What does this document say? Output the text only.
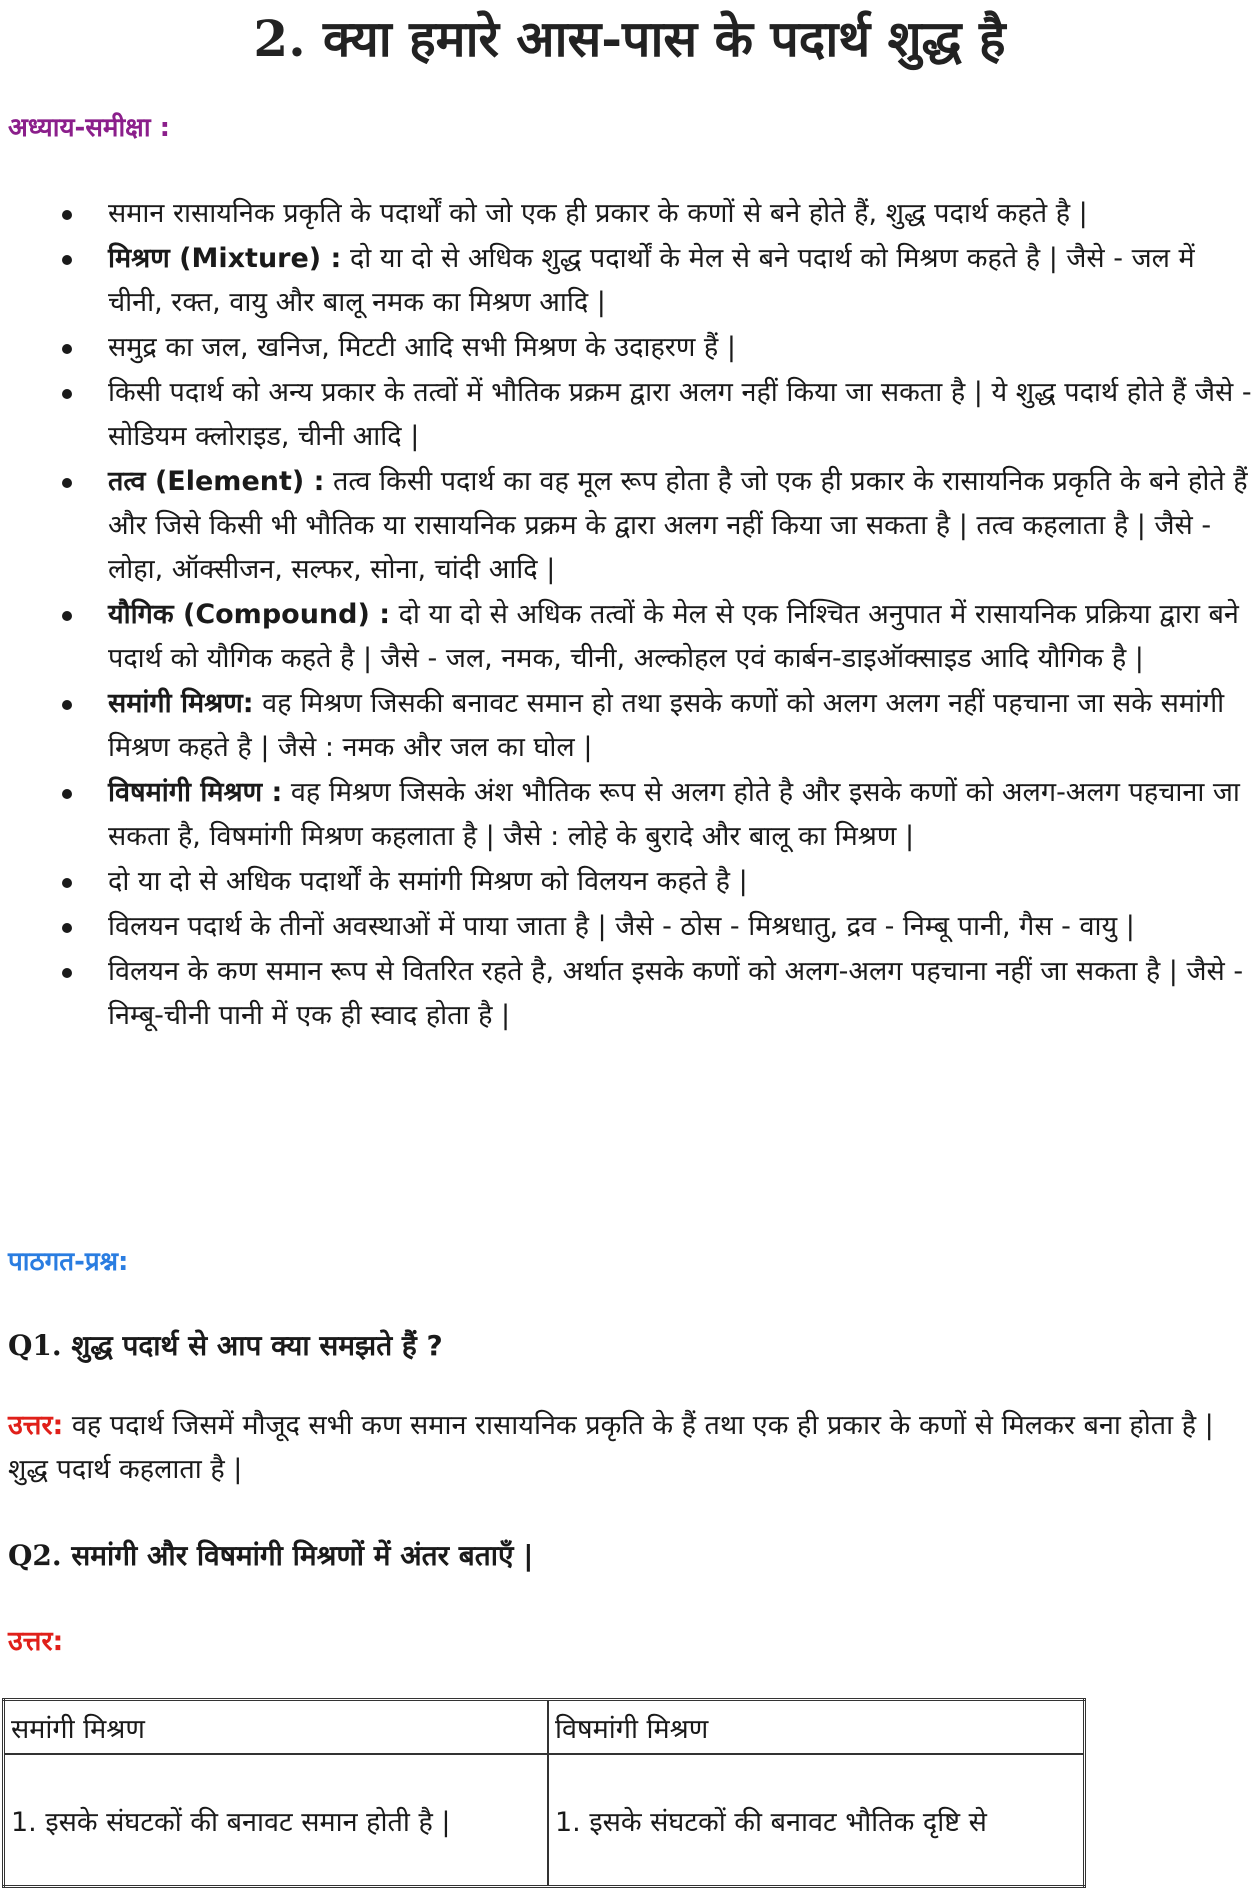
2. क्या हमारे आस-पास के पदार्थ शुद्ध है
अध्याय-समीक्षा :
समान रासायनिक प्रकृति के पदार्थों को जो एक ही प्रकार के कणों से बने होते हैं, शुद्ध पदार्थ कहते है |
मिश्रण (Mixture) : दो या दो से अधिक शुद्ध पदार्थों के मेल से बने पदार्थ को मिश्रण कहते है | जैसे - जल में चीनी, रक्त, वायु और बालू नमक का मिश्रण आदि |
समुद्र का जल, खनिज, मिटटी आदि सभी मिश्रण के उदाहरण हैं |
किसी पदार्थ को अन्य प्रकार के तत्वों में भौतिक प्रक्रम द्वारा अलग नहीं किया जा सकता है | ये शुद्ध पदार्थ होते हैं जैसे - सोडियम क्लोराइड, चीनी आदि |
तत्व (Element) : तत्व किसी पदार्थ का वह मूल रूप होता है जो एक ही प्रकार के रासायनिक प्रकृति के बने होते हैं और जिसे किसी भी भौतिक या रासायनिक प्रक्रम के द्वारा अलग नहीं किया जा सकता है | तत्व कहलाता है | जैसे - लोहा, ऑक्सीजन, सल्फर, सोना, चांदी आदि |
यौगिक (Compound) : दो या दो से अधिक तत्वों के मेल से एक निश्चित अनुपात में रासायनिक प्रक्रिया द्वारा बने पदार्थ को यौगिक कहते है | जैसे - जल, नमक, चीनी, अल्कोहल एवं कार्बन-डाइऑक्साइड आदि यौगिक है |
समांगी मिश्रण: वह मिश्रण जिसकी बनावट समान हो तथा इसके कणों को अलग अलग नहीं पहचाना जा सके समांगी मिश्रण कहते है | जैसे : नमक और जल का घोल |
विषमांगी मिश्रण : वह मिश्रण जिसके अंश भौतिक रूप से अलग होते है और इसके कणों को अलग-अलग पहचाना जा सकता है, विषमांगी मिश्रण कहलाता है | जैसे : लोहे के बुरादे और बालू का मिश्रण |
दो या दो से अधिक पदार्थों के समांगी मिश्रण को विलयन कहते है |
विलयन पदार्थ के तीनों अवस्थाओं में पाया जाता है | जैसे - ठोस - मिश्रधातु, द्रव - निम्बू पानी, गैस - वायु |
विलयन के कण समान रूप से वितरित रहते है, अर्थात इसके कणों को अलग-अलग पहचाना नहीं जा सकता है | जैसे - निम्बू-चीनी पानी में एक ही स्वाद होता है |
पाठगत-प्रश्न:

Q1. शुद्ध पदार्थ से आप क्या समझते हैं ?

उत्तर: वह पदार्थ जिसमें मौजूद सभी कण समान रासायनिक प्रकृति के हैं तथा एक ही प्रकार के कणों से मिलकर बना होता है | शुद्ध पदार्थ कहलाता है |

Q2. समांगी और विषमांगी मिश्रणों में अंतर बताएँ |

उत्तर:

समांगी मिश्रण	विषमांगी मिश्रण
1. इसके संघटकों की बनावट समान होती है |	1. इसके संघटकों की बनावट भौतिक दृष्टि से
